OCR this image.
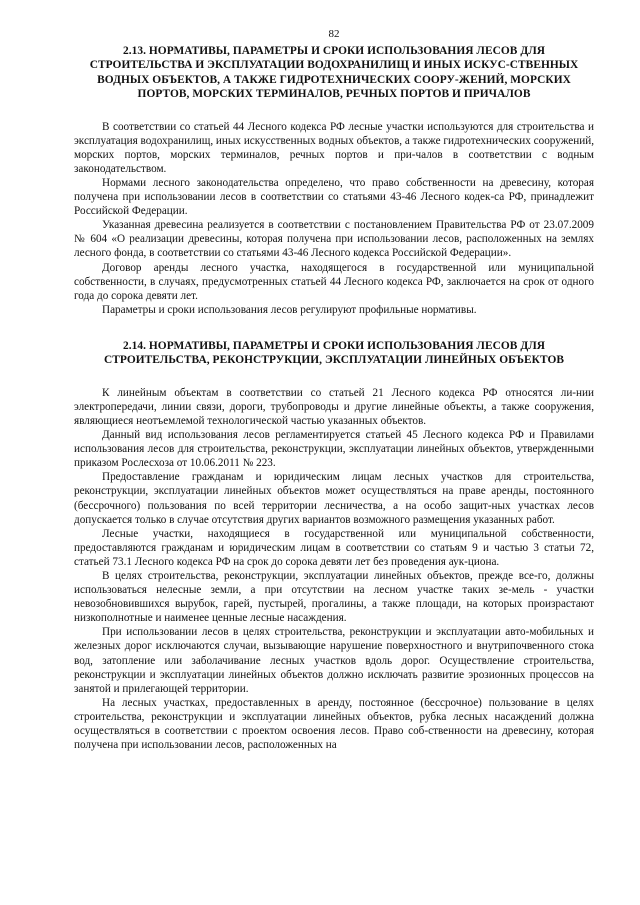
82
2.13. НОРМАТИВЫ, ПАРАМЕТРЫ И СРОКИ ИСПОЛЬЗОВАНИЯ ЛЕСОВ ДЛЯ СТРОИТЕЛЬСТВА И ЭКСПЛУАТАЦИИ ВОДОХРАНИЛИЩ И ИНЫХ ИСКУС-СТВЕННЫХ ВОДНЫХ ОБЪЕКТОВ, А ТАКЖЕ ГИДРОТЕХНИЧЕСКИХ СООРУ-ЖЕНИЙ, МОРСКИХ ПОРТОВ, МОРСКИХ ТЕРМИНАЛОВ, РЕЧНЫХ ПОРТОВ И ПРИЧАЛОВ

В соответствии со статьей 44 Лесного кодекса РФ лесные участки используются для строительства и эксплуатация водохранилищ, иных искусственных водных объектов, а также гидротехнических сооружений, морских портов, морских терминалов, речных портов и при-чалов в соответствии с водным законодательством.

Нормами лесного законодательства определено, что право собственности на древесину, которая получена при использовании лесов в соответствии со статьями 43-46 Лесного кодек-са РФ, принадлежит Российской Федерации.

Указанная древесина реализуется в соответствии с постановлением Правительства РФ от 23.07.2009 № 604 «О реализации древесины, которая получена при использовании лесов, расположенных на землях лесного фонда, в соответствии со статьями 43-46 Лесного кодекса Российской Федерации».

Договор аренды лесного участка, находящегося в государственной или муниципальной собственности, в случаях, предусмотренных статьей 44 Лесного кодекса РФ, заключается на срок от одного года до сорока девяти лет.

Параметры и сроки использования лесов регулируют профильные нормативы.

2.14. НОРМАТИВЫ, ПАРАМЕТРЫ И СРОКИ ИСПОЛЬЗОВАНИЯ ЛЕСОВ ДЛЯ СТРОИТЕЛЬСТВА, РЕКОНСТРУКЦИИ, ЭКСПЛУАТАЦИИ ЛИНЕЙНЫХ ОБЪЕКТОВ

К линейным объектам в соответствии со статьей 21 Лесного кодекса РФ относятся ли-нии электропередачи, линии связи, дороги, трубопроводы и другие линейные объекты, а также сооружения, являющиеся неотъемлемой технологической частью указанных объектов.

Данный вид использования лесов регламентируется статьей 45 Лесного кодекса РФ и Правилами использования лесов для строительства, реконструкции, эксплуатации линейных объектов, утвержденными приказом Рослесхоза от 10.06.2011 № 223.

Предоставление гражданам и юридическим лицам лесных участков для строительства, реконструкции, эксплуатации линейных объектов может осуществляться на праве аренды, постоянного (бессрочного) пользования по всей территории лесничества, а на особо защит-ных участках лесов допускается только в случае отсутствия других вариантов возможного размещения указанных работ.

Лесные участки, находящиеся в государственной или муниципальной собственности, предоставляются гражданам и юридическим лицам в соответствии со статьям 9 и частью 3 статьи 72, статьей 73.1 Лесного кодекса РФ на срок до сорока девяти лет без проведения аук-циона.

В целях строительства, реконструкции, эксплуатации линейных объектов, прежде все-го, должны использоваться нелесные земли, а при отсутствии на лесном участке таких зе-мель - участки невозобновившихся вырубок, гарей, пустырей, прогалины, а также площади, на которых произрастают низкополнотные и наименее ценные лесные насаждения.

При использовании лесов в целях строительства, реконструкции и эксплуатации авто-мобильных и железных дорог исключаются случаи, вызывающие нарушение поверхностного и внутрипочвенного стока вод, затопление или заболачивание лесных участков вдоль дорог. Осуществление строительства, реконструкции и эксплуатации линейных объектов должно исключать развитие эрозионных процессов на занятой и прилегающей территории.

На лесных участках, предоставленных в аренду, постоянное (бессрочное) пользование в целях строительства, реконструкции и эксплуатации линейных объектов, рубка лесных насаждений должна осуществляться в соответствии с проектом освоения лесов. Право соб-ственности на древесину, которая получена при использовании лесов, расположенных на
